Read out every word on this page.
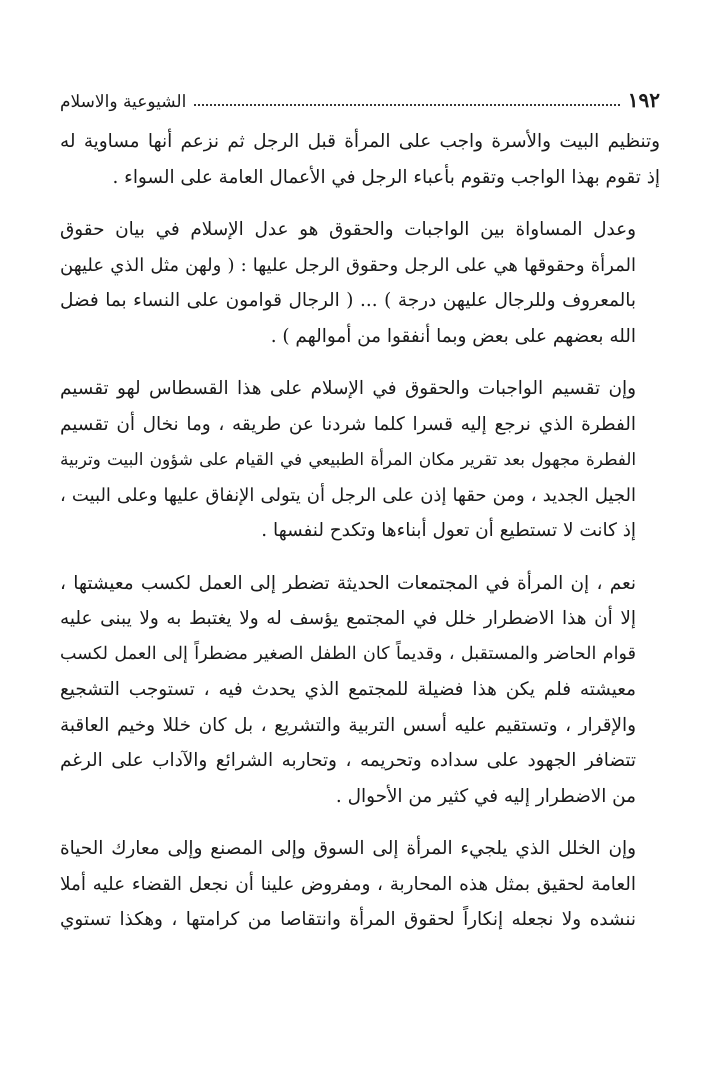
١٩٢
الشيوعية والاسلام

وتنظيم البيت والأسرة واجب على المرأة قبل الرجل ثم نزعم أنها مساوية له
إذ تقوم بهذا الواجب وتقوم بأعباء الرجل في الأعمال العامة على السواء .

وعدل المساواة بين الواجبات والحقوق هو عدل الإسلام في بيان حقوق
المرأة وحقوقها هي على الرجل وحقوق الرجل عليها : ( ولهن مثل الذي عليهن
بالمعروف وللرجال عليهن درجة ) ... ( الرجال قوامون على النساء بما فضل
الله بعضهم على بعض وبما أنفقوا من أموالهم ) .

وإن تقسيم الواجبات والحقوق في الإسلام على هذا القسطاس لهو تقسيم
الفطرة الذي نرجع إليه قسرا كلما شردنا عن طريقه ، وما نخال أن تقسيم
الفطرة مجهول بعد تقرير مكان المرأة الطبيعي في القيام على شؤون البيت وتربية
الجيل الجديد ، ومن حقها إذن على الرجل أن يتولى الإنفاق عليها وعلى البيت ،
إذ كانت لا تستطيع أن تعول أبناءها وتكدح لنفسها .

نعم ، إن المرأة في المجتمعات الحديثة تضطر إلى العمل لكسب معيشتها ،
إلا أن هذا الاضطرار خلل في المجتمع يؤسف له ولا يغتبط به ولا يبنى عليه
قوام الحاضر والمستقبل ، وقديماً كان الطفل الصغير مضطراً إلى العمل لكسب
معيشته فلم يكن هذا فضيلة للمجتمع الذي يحدث فيه ، تستوجب التشجيع
والإقرار ، وتستقيم عليه أسس التربية والتشريع ، بل كان خللا وخيم العاقبة
تتضافر الجهود على سداده وتحريمه ، وتحاربه الشرائع والآداب على الرغم
من الاضطرار إليه في كثير من الأحوال .

وإن الخلل الذي يلجيء المرأة إلى السوق وإلى المصنع وإلى معارك الحياة
العامة لحقيق بمثل هذه المحاربة ، ومفروض علينا أن نجعل القضاء عليه أملا
ننشده ولا نجعله إنكاراً لحقوق المرأة وانتقاصا من كرامتها ، وهكذا تستوي
